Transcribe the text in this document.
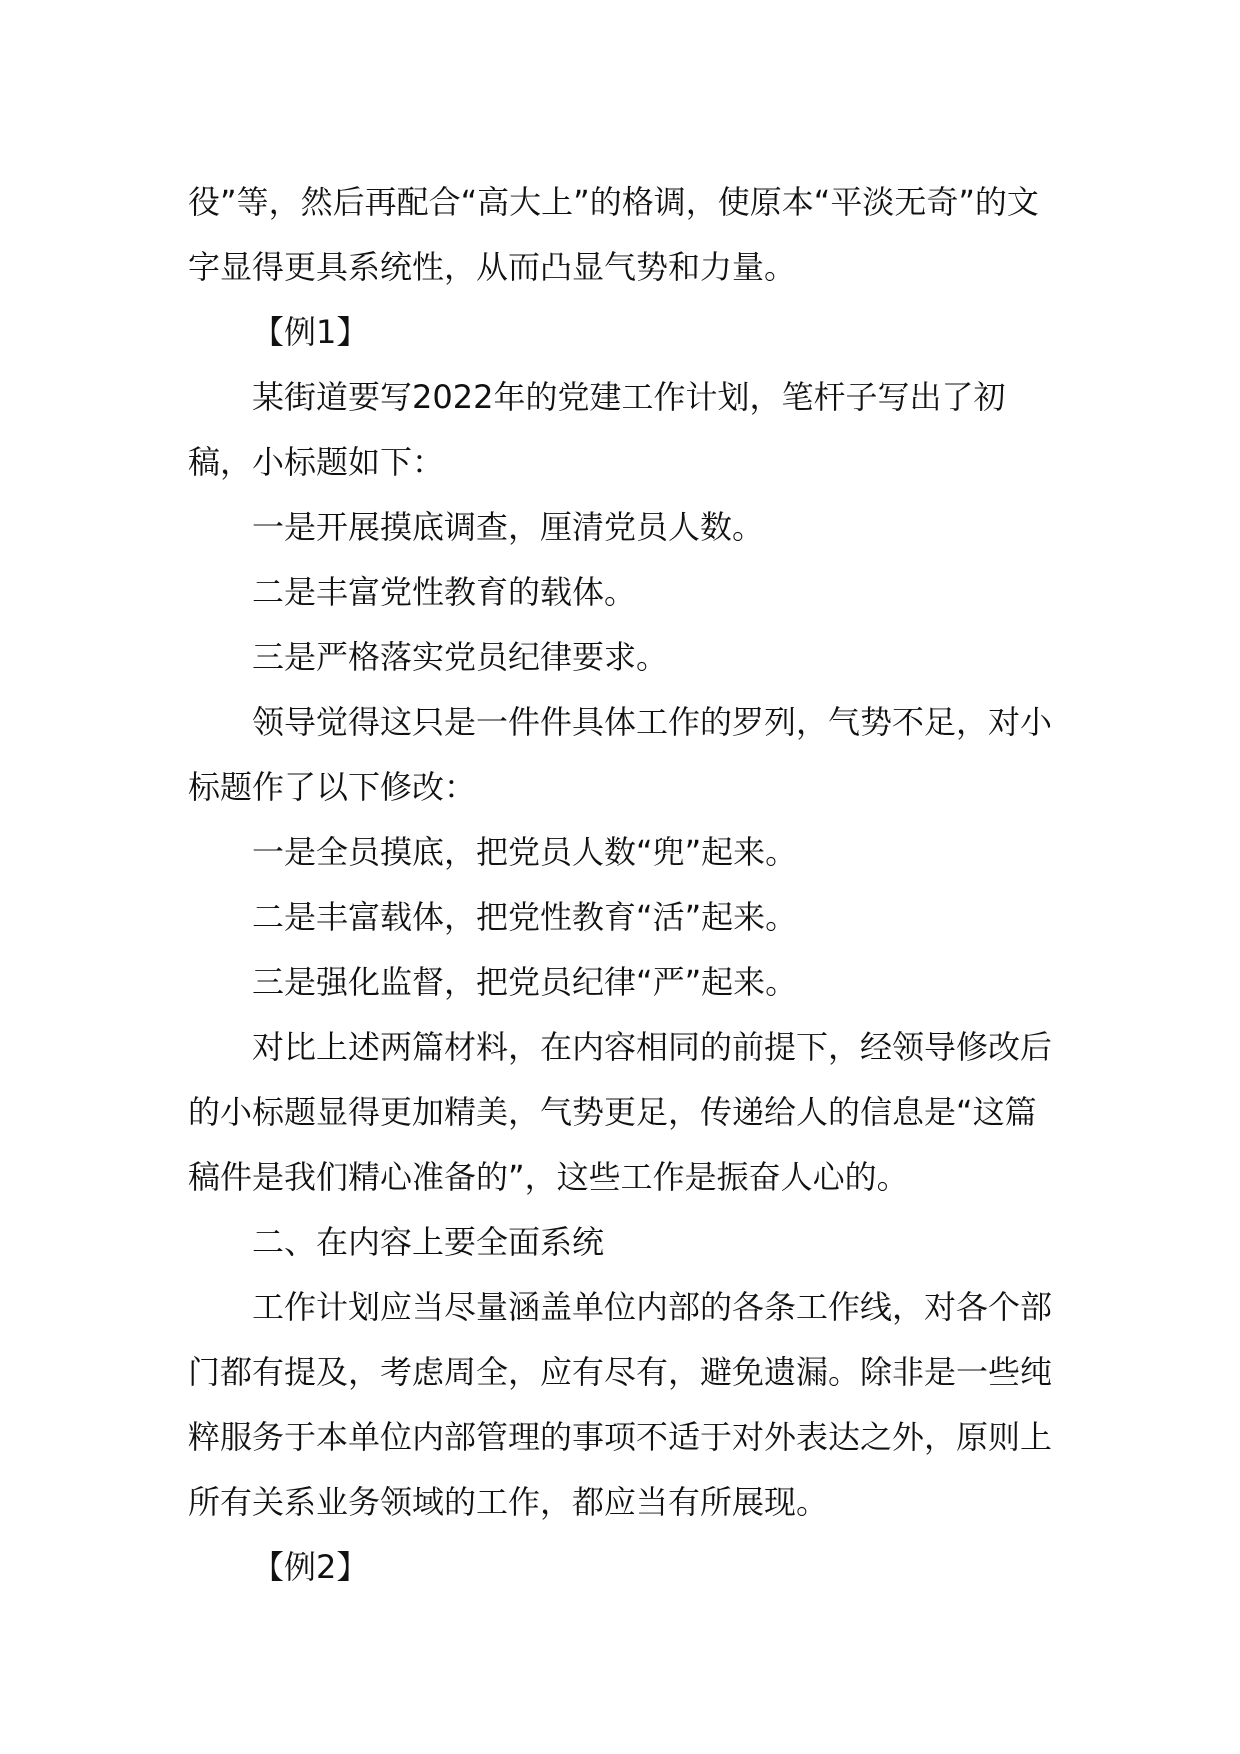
役”等，然后再配合“高大上”的格调，使原本“平淡无奇”的文字显得更具系统性，从而凸显气势和力量。

【例1】

某街道要写2022年的党建工作计划，笔杆子写出了初稿，小标题如下：

一是开展摸底调查，厘清党员人数。

二是丰富党性教育的载体。

三是严格落实党员纪律要求。

领导觉得这只是一件件具体工作的罗列，气势不足，对小标题作了以下修改：

一是全员摸底，把党员人数“兜”起来。

二是丰富载体，把党性教育“活”起来。

三是强化监督，把党员纪律“严”起来。

对比上述两篇材料，在内容相同的前提下，经领导修改后的小标题显得更加精美，气势更足，传递给人的信息是“这篇稿件是我们精心准备的”，这些工作是振奋人心的。

二、在内容上要全面系统

工作计划应当尽量涵盖单位内部的各条工作线，对各个部门都有提及，考虑周全，应有尽有，避免遗漏。除非是一些纯粹服务于本单位内部管理的事项不适于对外表达之外，原则上所有关系业务领域的工作，都应当有所展现。

【例2】
